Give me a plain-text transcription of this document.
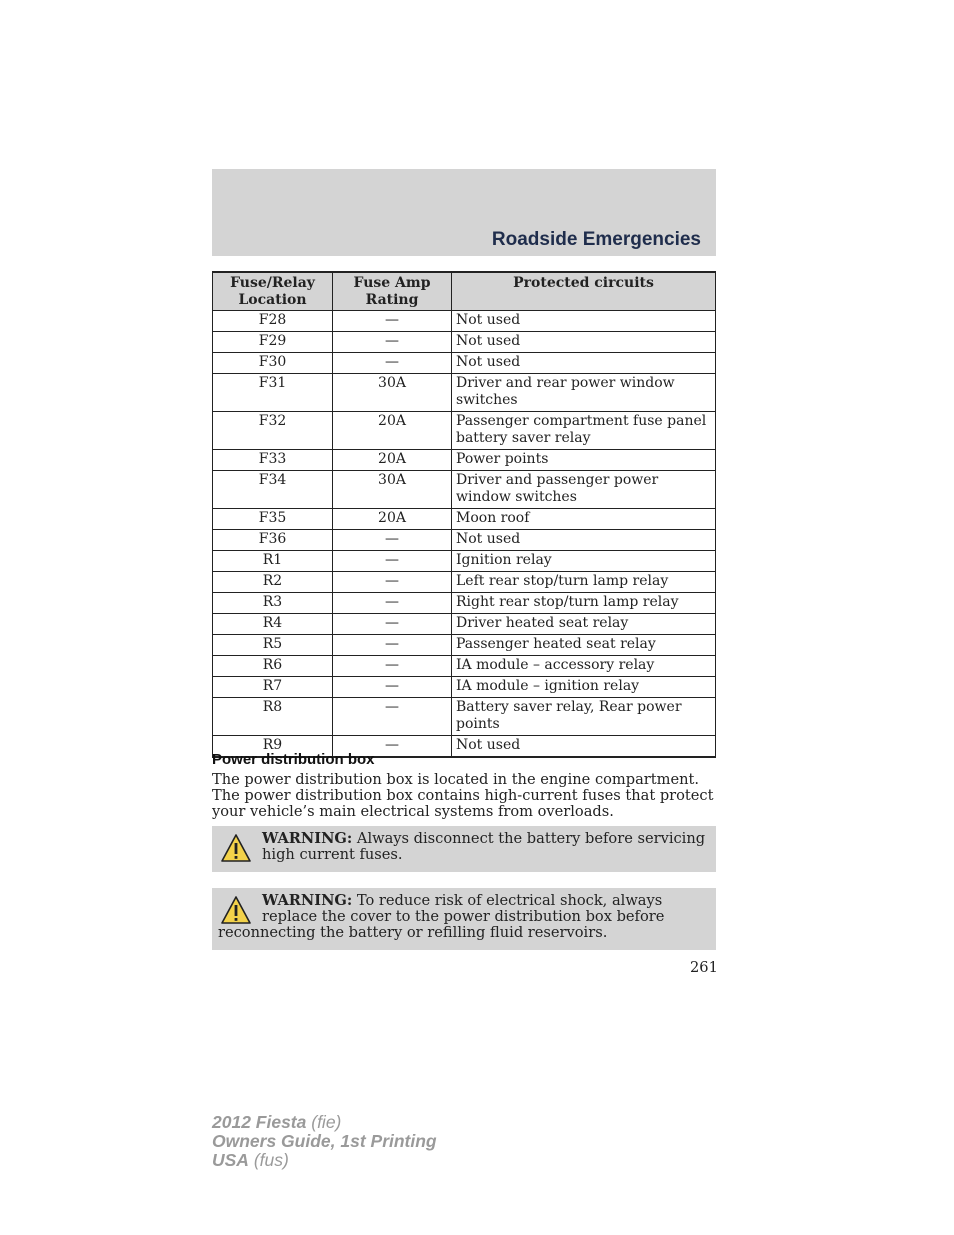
Roadside Emergencies
Fuse/Relay Location	Fuse Amp Rating	Protected circuits
F28	—	Not used
F29	—	Not used
F30	—	Not used
F31	30A	Driver and rear power window switches
F32	20A	Passenger compartment fuse panel battery saver relay
F33	20A	Power points
F34	30A	Driver and passenger power window switches
F35	20A	Moon roof
F36	—	Not used
R1	—	Ignition relay
R2	—	Left rear stop/turn lamp relay
R3	—	Right rear stop/turn lamp relay
R4	—	Driver heated seat relay
R5	—	Passenger heated seat relay
R6	—	IA module – accessory relay
R7	—	IA module – ignition relay
R8	—	Battery saver relay, Rear power points
R9	—	Not used
Power distribution box
The power distribution box is located in the engine compartment. The power distribution box contains high-current fuses that protect your vehicle’s main electrical systems from overloads.
WARNING: Always disconnect the battery before servicing high current fuses.
WARNING: To reduce risk of electrical shock, always replace the cover to the power distribution box before reconnecting the battery or refilling fluid reservoirs.
261
2012 Fiesta (fie)
Owners Guide, 1st Printing
USA (fus)
